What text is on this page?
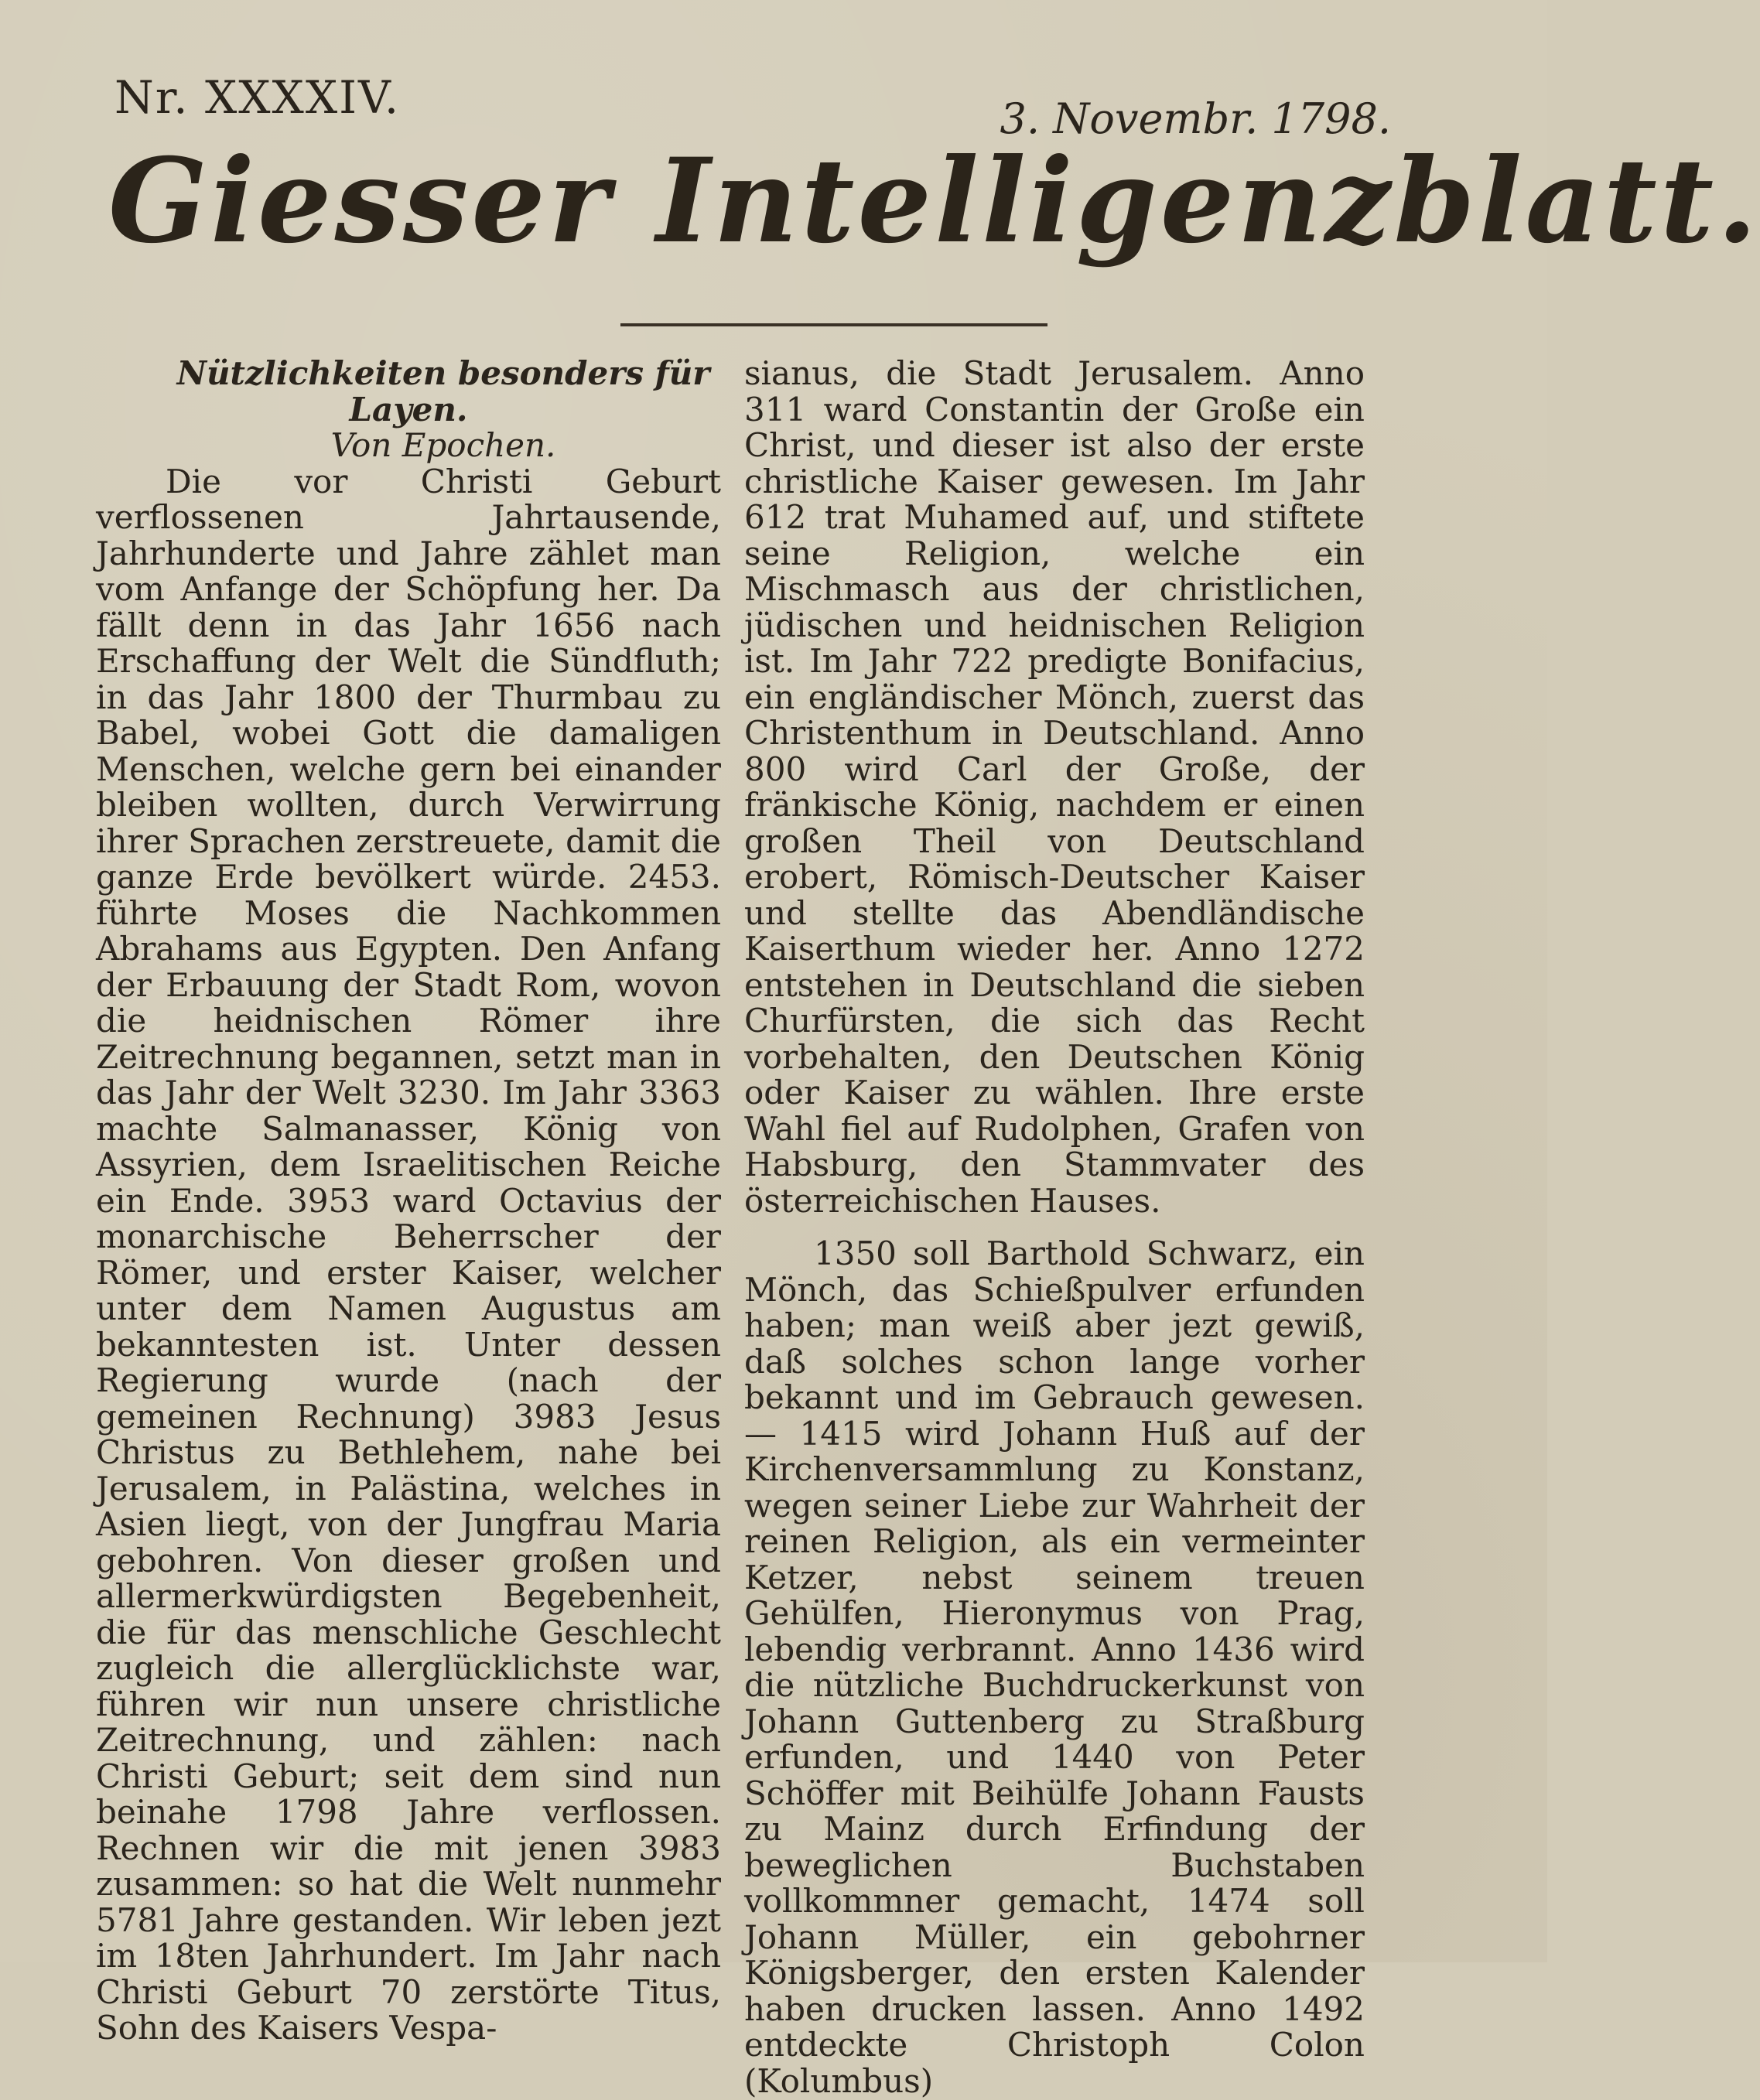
Nr. XXXXIV.	3. Novembr. 1798.
Giesser Intelligenzblatt.

Nützlichkeiten besonders für Layen.

Von Epochen.

Die vor Christi Geburt verflossenen Jahrtausende, Jahrhunderte und Jahre zählet man vom Anfange der Schöpfung her. Da fällt denn in das Jahr 1656 nach Erschaffung der Welt die Sündfluth; in das Jahr 1800 der Thurmbau zu Babel, wobei Gott die damaligen Menschen, welche gern bei einander bleiben wollten, durch Verwirrung ihrer Sprachen zerstreuete, damit die ganze Erde bevölkert würde. 2453. führte Moses die Nachkommen Abrahams aus Egypten. Den Anfang der Erbauung der Stadt Rom, wovon die heidnischen Römer ihre Zeitrechnung begannen, setzt man in das Jahr der Welt 3230. Im Jahr 3363 machte Salmanasser, König von Assyrien, dem Israelitischen Reiche ein Ende. 3953 ward Octavius der monarchische Beherrscher der Römer, und erster Kaiser, welcher unter dem Namen Augustus am bekanntesten ist. Unter dessen Regierung wurde (nach der gemeinen Rechnung) 3983 Jesus Christus zu Bethlehem, nahe bei Jerusalem, in Palästina, welches in Asien liegt, von der Jungfrau Maria gebohren. Von dieser großen und allermerkwürdigsten Begebenheit, die für das menschliche Geschlecht zugleich die allerglücklichste war, führen wir nun unsere christliche Zeitrechnung, und zählen: nach Christi Geburt; seit dem sind nun beinahe 1798 Jahre verflossen. Rechnen wir die mit jenen 3983 zusammen: so hat die Welt nunmehr 5781 Jahre gestanden. Wir leben jezt im 18ten Jahrhundert. Im Jahr nach Christi Geburt 70 zerstörte Titus, Sohn des Kaisers Vespa-

sianus, die Stadt Jerusalem. Anno 311 ward Constantin der Große ein Christ, und dieser ist also der erste christliche Kaiser gewesen. Im Jahr 612 trat Muhamed auf, und stiftete seine Religion, welche ein Mischmasch aus der christlichen, jüdischen und heidnischen Religion ist. Im Jahr 722 predigte Bonifacius, ein engländischer Mönch, zuerst das Christenthum in Deutschland. Anno 800 wird Carl der Große, der fränkische König, nachdem er einen großen Theil von Deutschland erobert, Römisch-Deutscher Kaiser und stellte das Abendländische Kaiserthum wieder her. Anno 1272 entstehen in Deutschland die sieben Churfürsten, die sich das Recht vorbehalten, den Deutschen König oder Kaiser zu wählen. Ihre erste Wahl fiel auf Rudolphen, Grafen von Habsburg, den Stammvater des österreichischen Hauses.

1350 soll Barthold Schwarz, ein Mönch, das Schießpulver erfunden haben; man weiß aber jezt gewiß, daß solches schon lange vorher bekannt und im Gebrauch gewesen. — 1415 wird Johann Huß auf der Kirchenversammlung zu Konstanz, wegen seiner Liebe zur Wahrheit der reinen Religion, als ein vermeinter Ketzer, nebst seinem treuen Gehülfen, Hieronymus von Prag, lebendig verbrannt. Anno 1436 wird die nützliche Buchdruckerkunst von Johann Guttenberg zu Straßburg erfunden, und 1440 von Peter Schöffer mit Beihülfe Johann Fausts zu Mainz durch Erfindung der beweglichen Buchstaben vollkommner gemacht, 1474 soll Johann Müller, ein gebohrner Königsberger, den ersten Kalender haben drucken lassen. Anno 1492 entdeckte Christoph Colon (Kolumbus)
